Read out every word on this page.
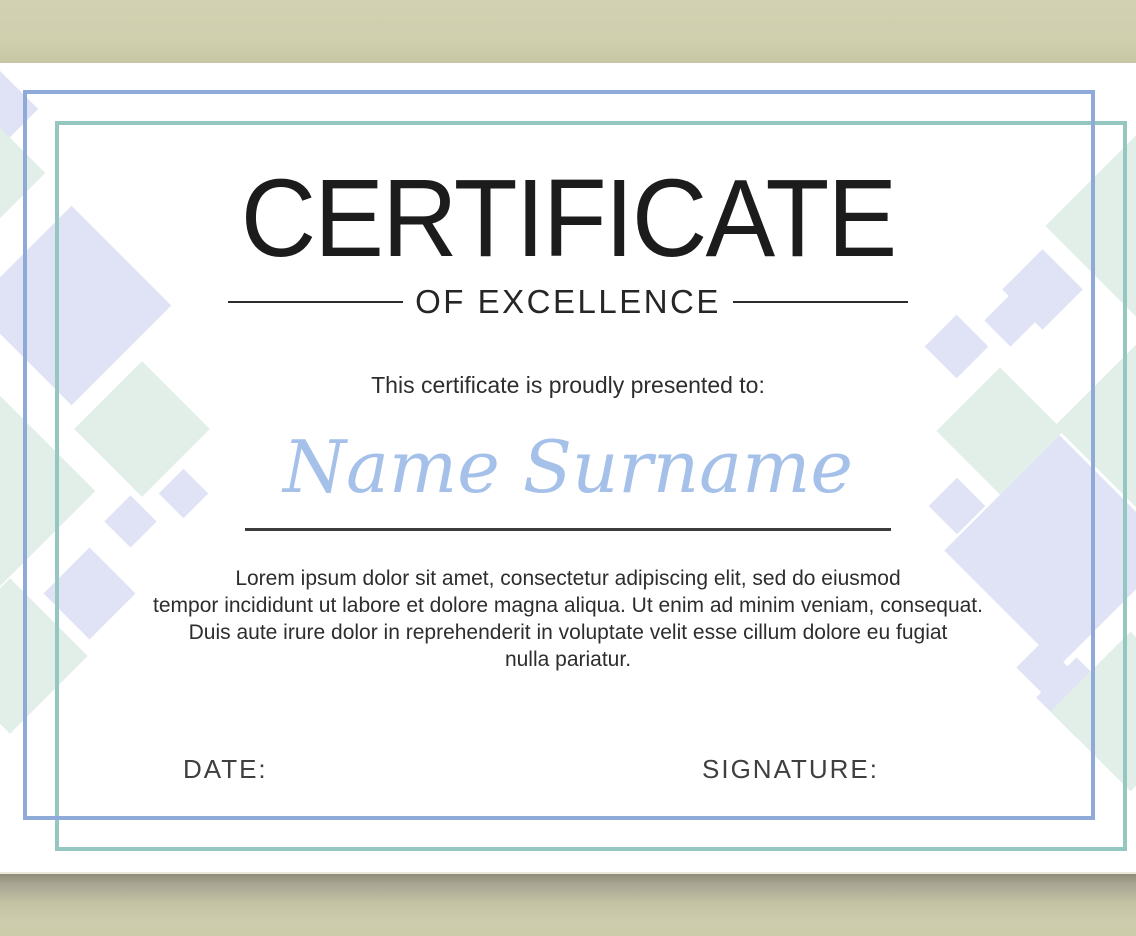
CERTIFICATE
OF EXCELLENCE
This certificate is proudly presented to:
Name Surname
Lorem ipsum dolor sit amet, consectetur adipiscing elit, sed do eiusmod
tempor incididunt ut labore et dolore magna aliqua. Ut enim ad minim veniam, consequat.
Duis aute irure dolor in reprehenderit in voluptate velit esse cillum dolore eu fugiat
nulla pariatur.
DATE:	SIGNATURE:
